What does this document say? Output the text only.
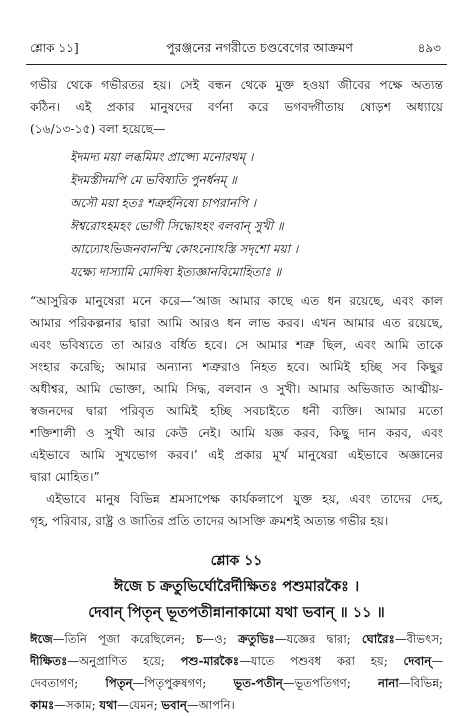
শ্লোক ১১]	পুরঞ্জনের নগরীতে চণ্ডবেগের আক্রমণ	৪৯৩
গভীর থেকে গভীরতর হয়। সেই বন্ধন থেকে মুক্ত হওয়া জীবের পক্ষে অত্যন্ত
কঠিন। এই প্রকার মানুষদের বর্ণনা করে ভগবদ্গীতায় ষোড়শ অধ্যায়ে
(১৬/১৩-১৫) বলা হয়েছে—
ইদমদ্য ময়া লব্ধমিমং প্রাপ্স্যে মনোরথম্ ।
ইদমস্তীদমপি মে ভবিষ্যতি পুনর্ধনম্ ॥
অসৌ ময়া হতঃ শত্রুর্হনিষ্যে চাপরানপি ।
ঈশ্বরোঽহমহং ভোগী সিদ্ধোঽহং বলবান্ সুখী ॥
আঢ্যোঽভিজনবানস্মি কোঽন্যোঽস্তি সদৃশো ময়া ।
যক্ষ্যে দাস্যামি মোদিষ্য ইত্যজ্ঞানবিমোহিতাঃ ॥
“আসুরিক মানুষেরা মনে করে—‘আজ আমার কাছে এত ধন রয়েছে, এবং কাল
আমার পরিকল্পনার দ্বারা আমি আরও ধন লাভ করব। এখন আমার এত রয়েছে,
এবং ভবিষ্যতে তা আরও বর্ধিত হবে। সে আমার শত্রু ছিল, এবং আমি তাকে
সংহার করেছি; আমার অন্যান্য শত্রুরাও নিহত হবে। আমিই হচ্ছি সব কিছুর
অধীশ্বর, আমি ভোক্তা, আমি সিদ্ধ, বলবান ও সুখী। আমার অভিজাত আত্মীয়-
স্বজনদের দ্বারা পরিবৃত আমিই হচ্ছি সবচাইতে ধনী ব্যক্তি। আমার মতো
শক্তিশালী ও সুখী আর কেউ নেই। আমি যজ্ঞ করব, কিছু দান করব, এবং
এইভাবে আমি সুখভোগ করব।’ এই প্রকার মূর্খ মানুষেরা এইভাবে অজ্ঞানের
দ্বারা মোহিত।”
এইভাবে মানুষ বিভিন্ন শ্রমসাপেক্ষ কার্যকলাপে যুক্ত হয়, এবং তাদের দেহ,
গৃহ, পরিবার, রাষ্ট্র ও জাতির প্রতি তাদের আসক্তি ক্রমশই অত্যন্ত গভীর হয়।
শ্লোক ১১
ঈজে চ ক্রতুভির্ঘোরৈর্দীক্ষিতঃ পশুমারকৈঃ ।
দেবান্ পিতৃন্ ভূতপতীন্নানাকামো যথা ভবান্ ॥ ১১ ॥
ঈজে—তিনি পূজা করেছিলেন; চ—ও; ক্রতুভিঃ—যজ্ঞের দ্বারা; ঘোরৈঃ—বীভৎস;
দীক্ষিতঃ—অনুপ্রাণিত হয়ে; পশু-মারকৈঃ—যাতে পশুবধ করা হয়; দেবান্—
দেবতাগণ; পিতৃন্—পিতৃপুরুষগণ; ভূত-পতীন্—ভূতপতিগণ; নানা—বিভিন্ন;
কামঃ—সকাম; যথা—যেমন; ভবান্—আপনি।
